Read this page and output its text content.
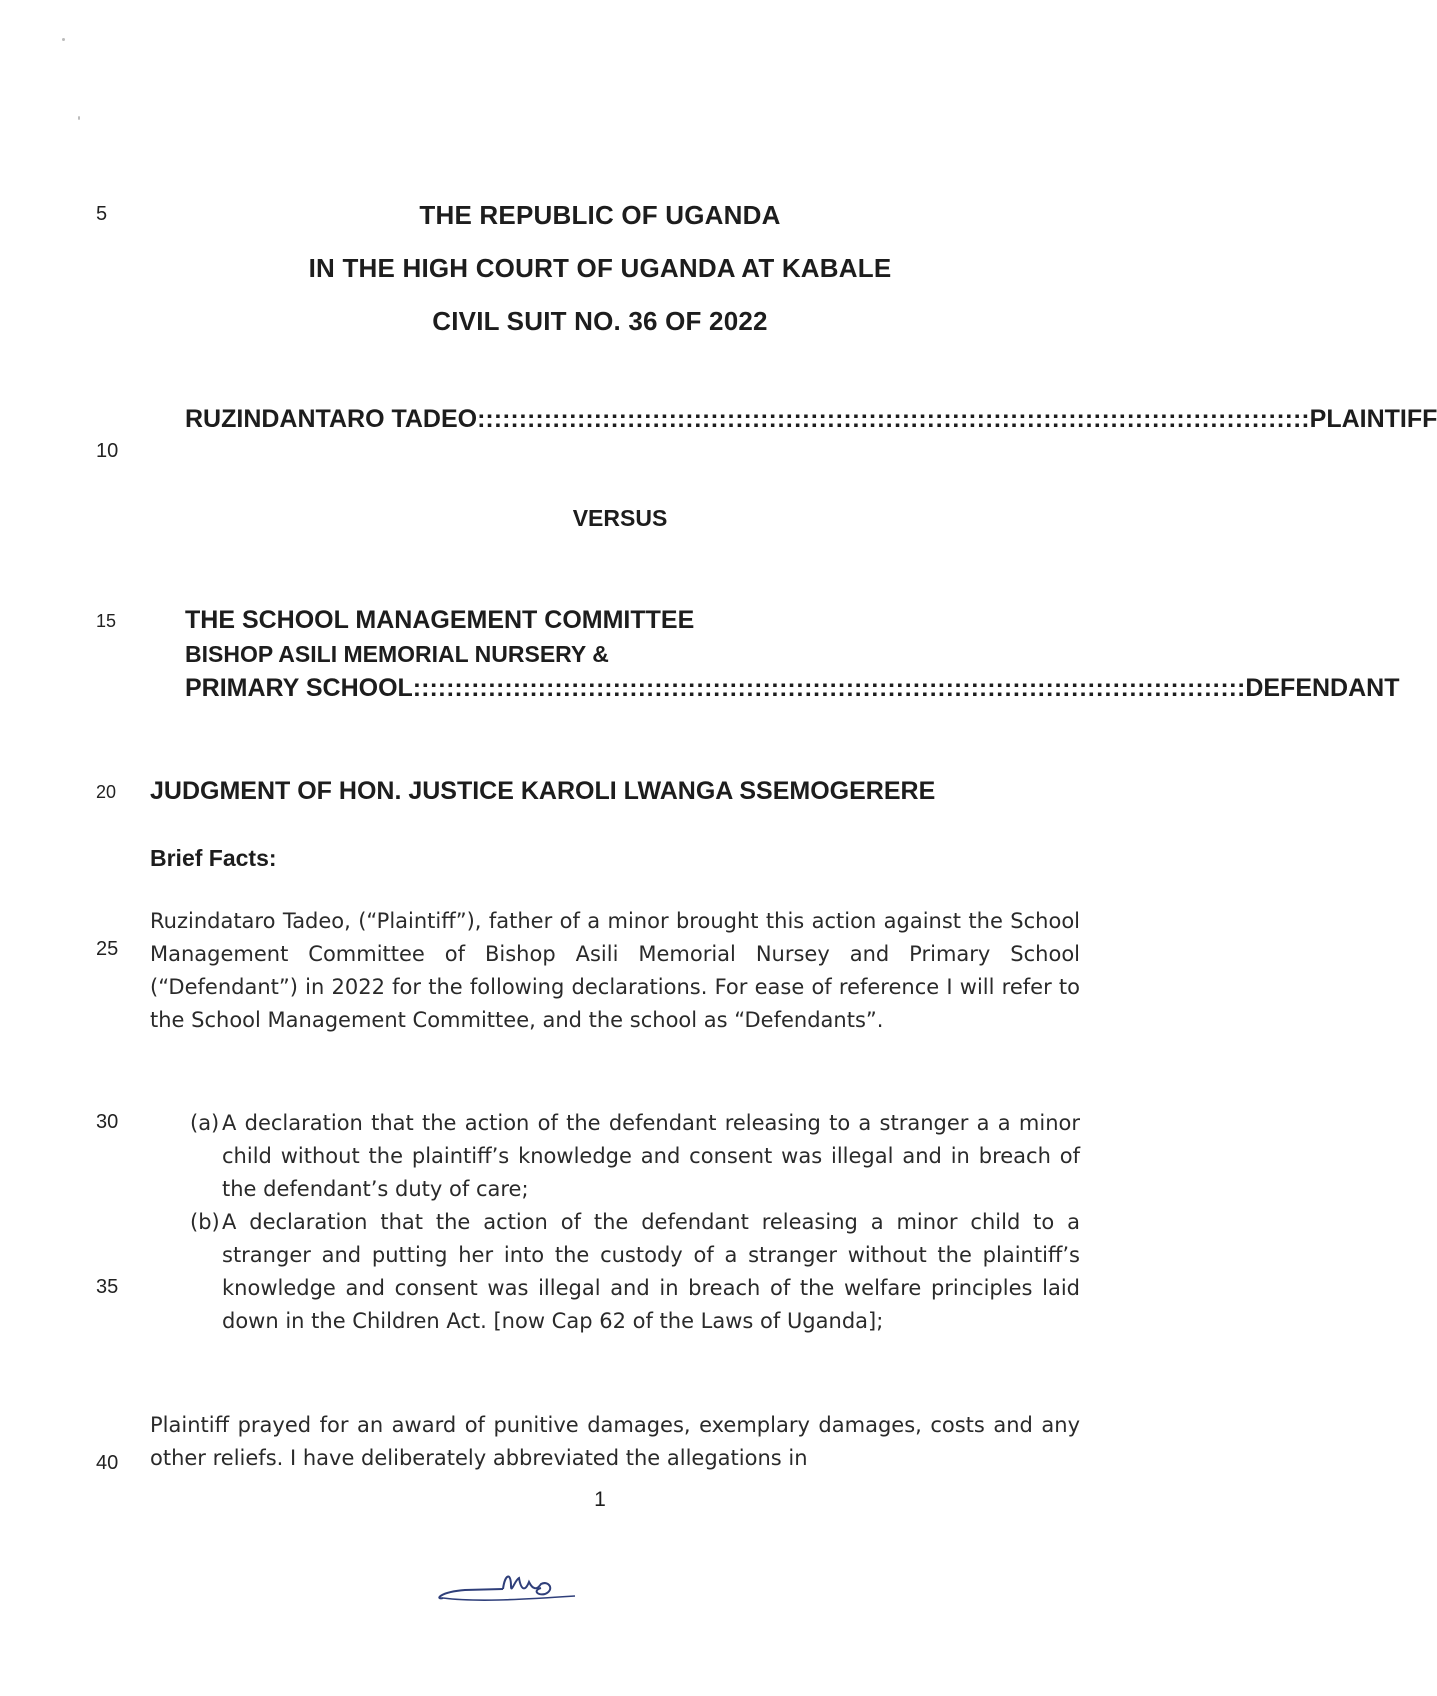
5
10
15
20
25
30
35
40
THE REPUBLIC OF UGANDA
IN THE HIGH COURT OF UGANDA AT KABALE
CIVIL SUIT NO. 36 OF 2022
RUZINDANTARO TADEO :::::::::::::::::::::::::::::::::::::::::::::::::::::::::::::::::::::::::::::::::::::::::::::::::::: PLAINTIFF
VERSUS
THE SCHOOL MANAGEMENT COMMITTEE
BISHOP ASILI MEMORIAL NURSERY &
PRIMARY SCHOOL :::::::::::::::::::::::::::::::::::::::::::::::::::::::::::::::::::::::::::::::::::::::::::::::::::: DEFENDANT
JUDGMENT OF HON. JUSTICE KAROLI LWANGA SSEMOGERERE
Brief Facts:
Ruzindataro Tadeo, (“Plaintiff”), father of a minor brought this action against the School Management Committee of Bishop Asili Memorial Nursey and Primary School (“Defendant”) in 2022 for the following declarations. For ease of reference I will refer to the School Management Committee, and the school as “Defendants”.
(a) A declaration that the action of the defendant releasing to a stranger a a minor child without the plaintiff’s knowledge and consent was illegal and in breach of the defendant’s duty of care;
(b) A declaration that the action of the defendant releasing a minor child to a stranger and putting her into the custody of a stranger without the plaintiff’s knowledge and consent was illegal and in breach of the welfare principles laid down in the Children Act. [now Cap 62 of the Laws of Uganda];
Plaintiff prayed for an award of punitive damages, exemplary damages, costs and any other reliefs. I have deliberately abbreviated the allegations in
1
